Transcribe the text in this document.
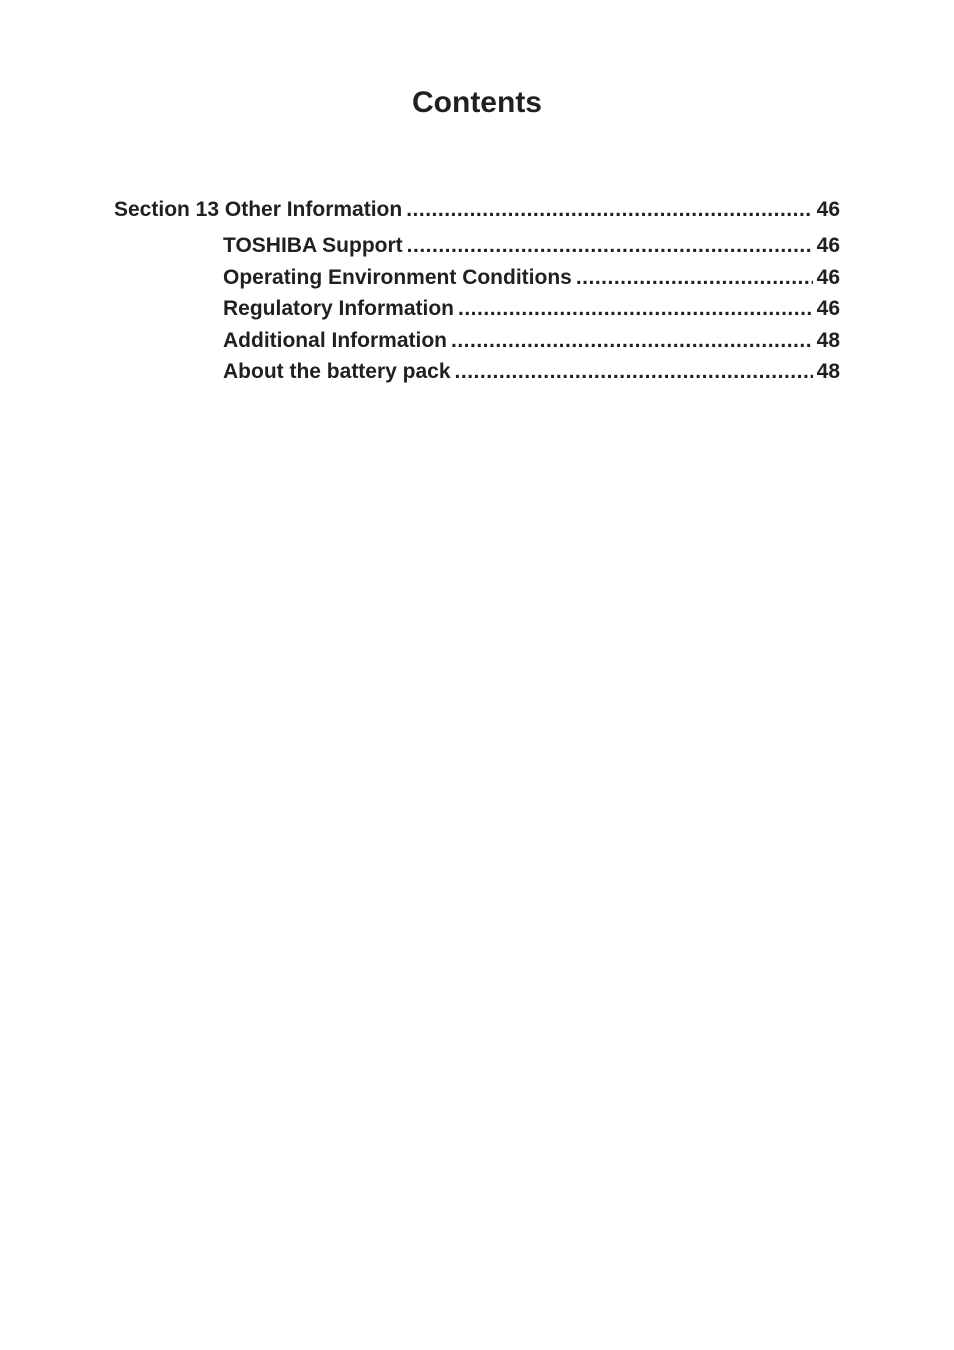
Contents
Section 13 Other Information .....	46
TOSHIBA Support .....	46
Operating Environment Conditions .....	46
Regulatory Information .....	46
Additional Information .....	48
About the battery pack .....	48
